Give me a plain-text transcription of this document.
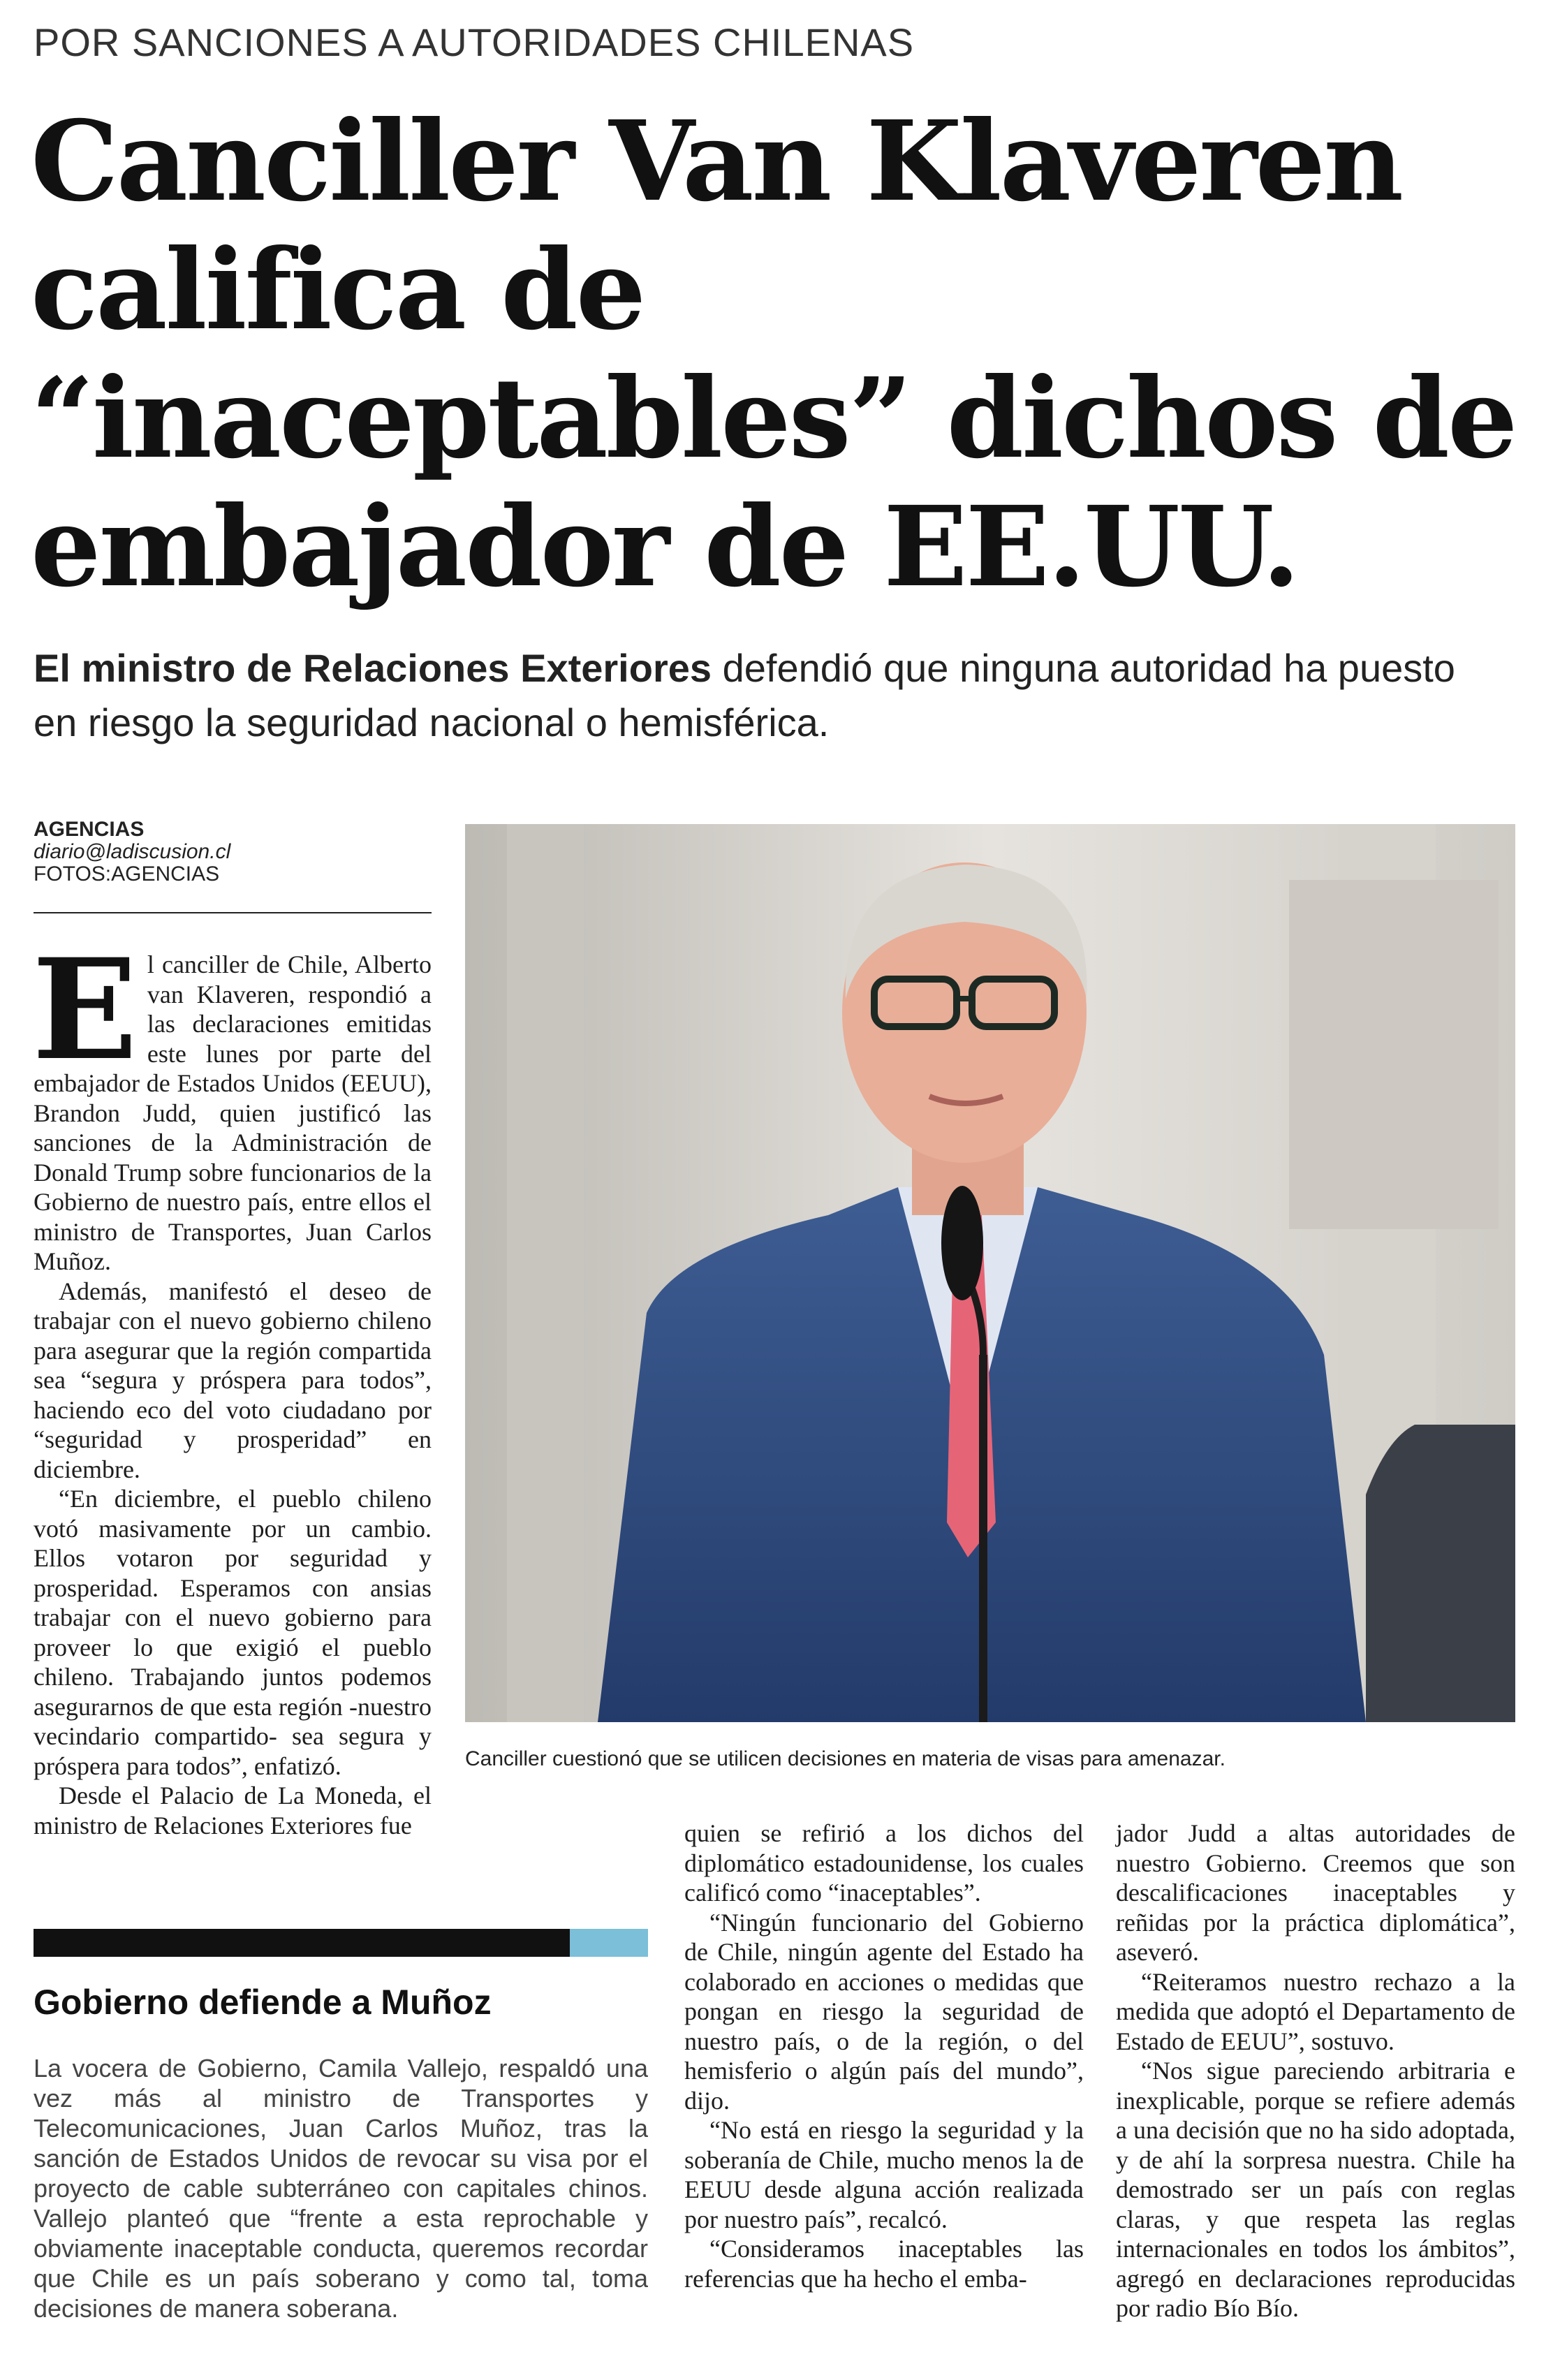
POR SANCIONES A AUTORIDADES CHILENAS
Canciller Van Klaveren califica de “inaceptables” dichos de embajador de EE.UU.
El ministro de Relaciones Exteriores defendió que ninguna autoridad ha puesto en riesgo la seguridad nacional o hemisférica.
AGENCIAS
diario@ladiscusion.cl
FOTOS:AGENCIAS

El canciller de Chile, Alberto van Klaveren, respondió a las declaraciones emitidas este lunes por parte del embajador de Estados Unidos (EEUU), Brandon Judd, quien justificó las sanciones de la Administración de Donald Trump sobre funcionarios de la Gobierno de nuestro país, entre ellos el ministro de Transportes, Juan Carlos Muñoz.

Además, manifestó el deseo de trabajar con el nuevo gobierno chileno para asegurar que la región compartida sea “segura y próspera para todos”, haciendo eco del voto ciudadano por “seguridad y prosperidad” en diciembre.

“En diciembre, el pueblo chileno votó masivamente por un cambio. Ellos votaron por seguridad y prosperidad. Esperamos con ansias trabajar con el nuevo gobierno para proveer lo que exigió el pueblo chileno. Trabajando juntos podemos asegurarnos de que esta región -nuestro vecindario compartido- sea segura y próspera para todos”, enfatizó.

Desde el Palacio de La Moneda, el ministro de Relaciones Exteriores fue

Canciller cuestionó que se utilicen decisiones en materia de visas para amenazar.

quien se refirió a los dichos del diplomático estadounidense, los cuales calificó como “inaceptables”.

“Ningún funcionario del Gobierno de Chile, ningún agente del Estado ha colaborado en acciones o medidas que pongan en riesgo la seguridad de nuestro país, o de la región, o del hemisferio o algún país del mundo”, dijo.

“No está en riesgo la seguridad y la soberanía de Chile, mucho menos la de EEUU desde alguna acción realizada por nuestro país”, recalcó.

“Consideramos inaceptables las referencias que ha hecho el emba-

jador Judd a altas autoridades de nuestro Gobierno. Creemos que son descalificaciones inaceptables y reñidas por la práctica diplomática”, aseveró.

“Reiteramos nuestro rechazo a la medida que adoptó el Departamento de Estado de EEUU”, sostuvo.

“Nos sigue pareciendo arbitraria e inexplicable, porque se refiere además a una decisión que no ha sido adoptada, y de ahí la sorpresa nuestra. Chile ha demostrado ser un país con reglas claras, y que respeta las reglas internacionales en todos los ámbitos”, agregó en declaraciones reproducidas por radio Bío Bío.

Gobierno defiende a Muñoz
La vocera de Gobierno, Camila Vallejo, respaldó una vez más al ministro de Transportes y Telecomunicaciones, Juan Carlos Muñoz, tras la sanción de Estados Unidos de revocar su visa por el proyecto de cable subterráneo con capitales chinos. Vallejo planteó que “frente a esta reprochable y obviamente inaceptable conducta, queremos recordar que Chile es un país soberano y como tal, toma decisiones de manera soberana.
